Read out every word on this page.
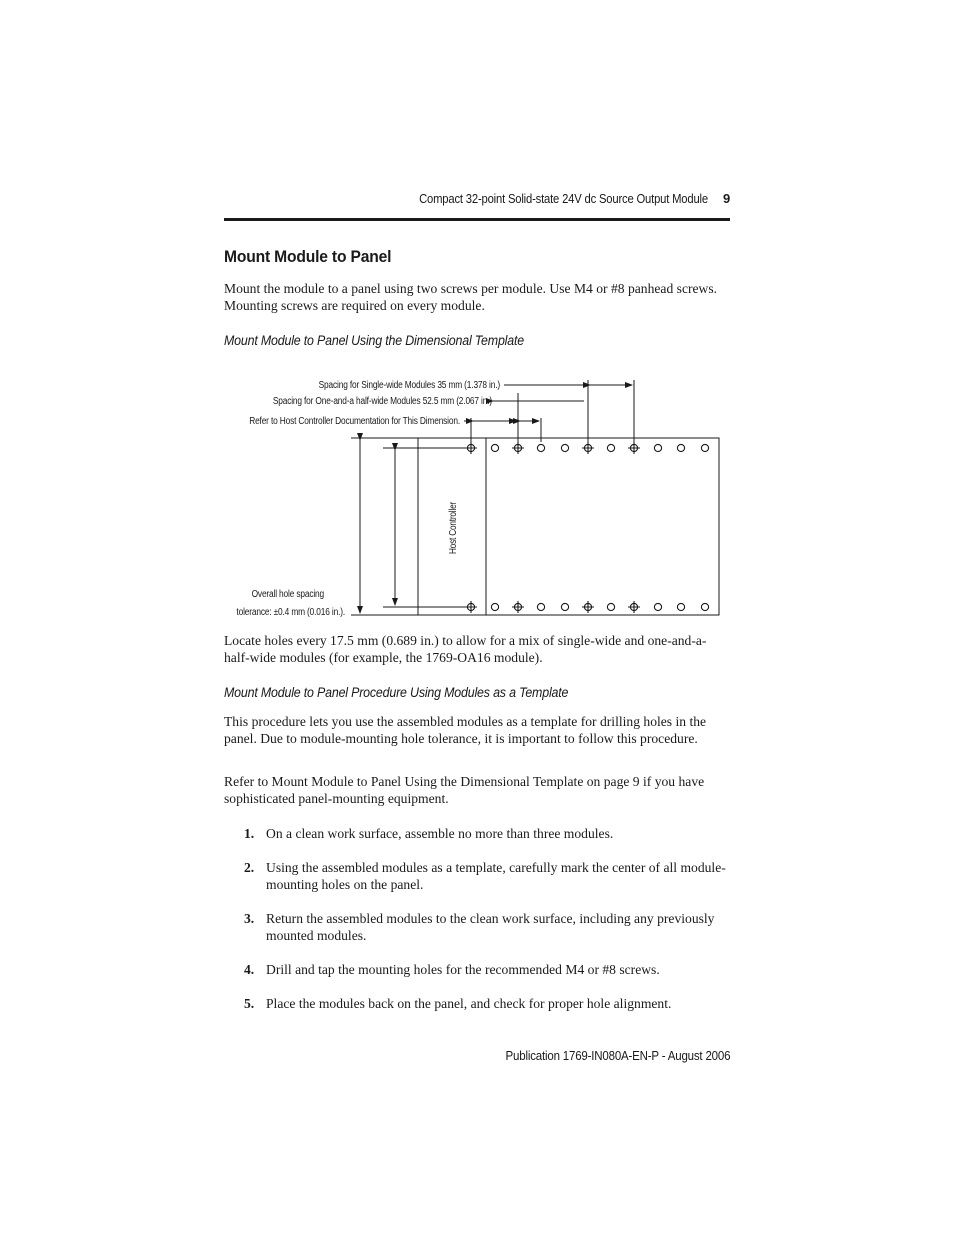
Compact 32-point Solid-state 24V dc Source Output Module 9
Mount Module to Panel
Mount the module to a panel using two screws per module. Use M4 or #8 panhead screws. Mounting screws are required on every module.
Mount Module to Panel Using the Dimensional Template
Spacing for Single-wide Modules 35 mm (1.378 in.)
Spacing for One-and-a half-wide Modules 52.5 mm (2.067 in.)
Refer to Host Controller Documentation for This Dimension.
Host Controller
Overall hole spacing
tolerance: ±0.4 mm (0.016 in.).
Locate holes every 17.5 mm (0.689 in.) to allow for a mix of single-wide and one-and-a-half-wide modules (for example, the 1769-OA16 module).
Mount Module to Panel Procedure Using Modules as a Template
This procedure lets you use the assembled modules as a template for drilling holes in the panel. Due to module-mounting hole tolerance, it is important to follow this procedure.
Refer to Mount Module to Panel Using the Dimensional Template on page 9 if you have sophisticated panel-mounting equipment.
1. On a clean work surface, assemble no more than three modules.
2. Using the assembled modules as a template, carefully mark the center of all module-mounting holes on the panel.
3. Return the assembled modules to the clean work surface, including any previously mounted modules.
4. Drill and tap the mounting holes for the recommended M4 or #8 screws.
5. Place the modules back on the panel, and check for proper hole alignment.
Publication 1769-IN080A-EN-P - August 2006
